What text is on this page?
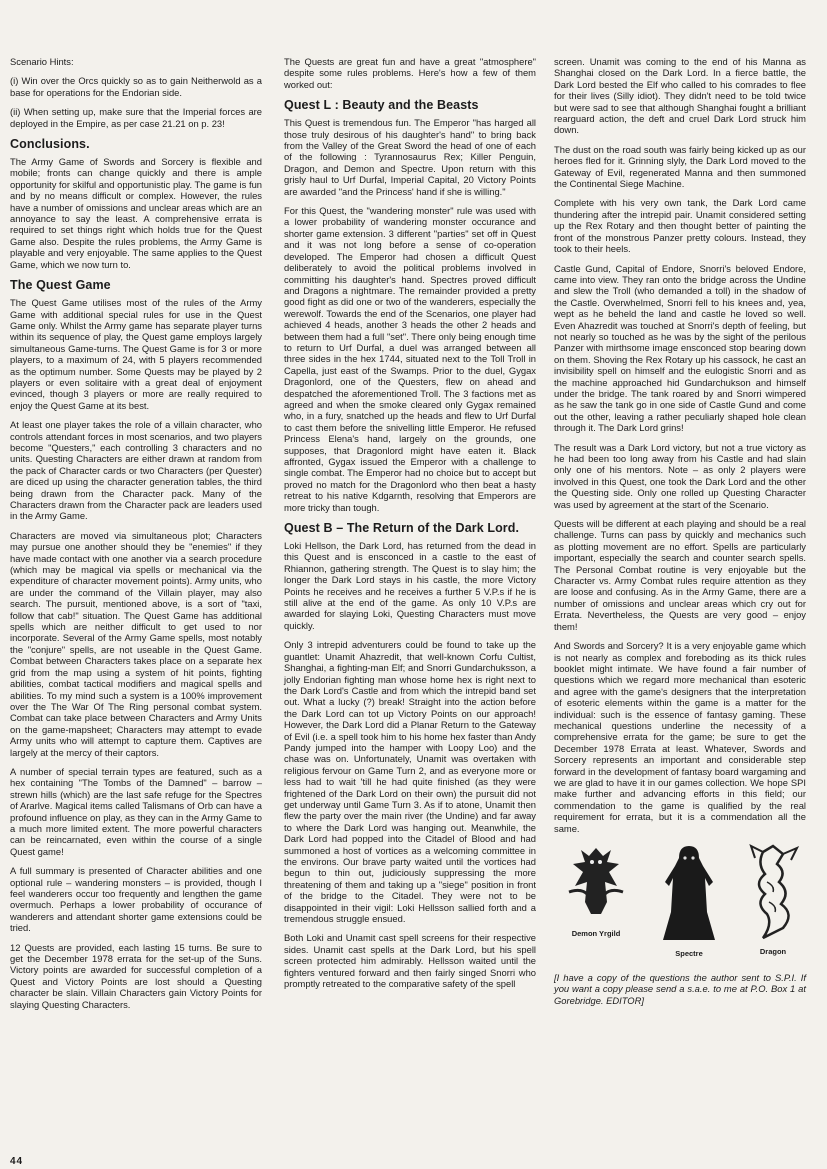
Scenario Hints:

(i) Win over the Orcs quickly so as to gain Neitherwold as a base for operations for the Endorian side.

(ii) When setting up, make sure that the Imperial forces are deployed in the Empire, as per case 21.21 on p. 23!

Conclusions.

The Army Game of Swords and Sorcery is flexible and mobile; fronts can change quickly and there is ample opportunity for skilful and opportunistic play. The game is fun and by no means difficult or complex. However, the rules have a number of omissions and unclear areas which are an annoyance to say the least. A comprehensive errata is required to set things right which holds true for the Quest Game also. Despite the rules problems, the Army Game is playable and very enjoyable. The same applies to the Quest Game, which we now turn to.

The Quest Game

The Quest Game utilises most of the rules of the Army Game with additional special rules for use in the Quest Game only. Whilst the Army game has separate player turns within its sequence of play, the Quest game employs largely simultaneous Game-turns. The Quest Game is for 3 or more players, to a maximum of 24, with 5 players recommended as the optimum number. Some Quests may be played by 2 players or even solitaire with a great deal of enjoyment evinced, though 3 players or more are really required to enjoy the Quest Game at its best.

At least one player takes the role of a villain character, who controls attendant forces in most scenarios, and two players become "Questers," each controlling 3 characters and no units. Questing Characters are either drawn at random from the pack of Character cards or two Characters (per Quester) are diced up using the character generation tables, the third being drawn from the Character pack. Many of the Characters drawn from the Character pack are leaders used in the Army Game.

Characters are moved via simultaneous plot; Characters may pursue one another should they be "enemies" if they have made contact with one another via a search procedure (which may be magical via spells or mechanical via the expenditure of character movement points). Army units, who are under the command of the Villain player, may also search. The pursuit, mentioned above, is a sort of "taxi, follow that cab!" situation. The Quest Game has additional spells which are neither difficult to get used to nor incorporate. Several of the Army Game spells, most notably the "conjure" spells, are not useable in the Quest Game. Combat between Characters takes place on a separate hex grid from the map using a system of hit points, fighting abilities, combat tactical modifiers and magical spells and abilities. To my mind such a system is a 100% improvement over the The War Of The Ring personal combat system. Combat can take place between Characters and Army Units on the game-mapsheet; Characters may attempt to evade Army units who will attempt to capture them. Captives are largely at the mercy of their captors.

A number of special terrain types are featured, such as a hex containing "The Tombs of the Damned" – barrow – strewn hills (which) are the last safe refuge for the Spectres of Ararlve. Magical items called Talismans of Orb can have a profound influence on play, as they can in the Army Game to a much more limited extent. The more powerful characters can be reincarnated, even within the course of a single Quest game!

A full summary is presented of Character abilities and one optional rule – wandering monsters – is provided, though I feel wanderers occur too frequently and lengthen the game overmuch. Perhaps a lower probability of occurance of wanderers and attendant shorter game extensions could be tried.

12 Quests are provided, each lasting 15 turns. Be sure to get the December 1978 errata for the set-up of the Suns. Victory points are awarded for successful completion of a Quest and Victory Points are lost should a Questing character be slain. Villain Characters gain Victory Points for slaying Questing Characters.

The Quests are great fun and have a great "atmosphere" despite some rules problems. Here's how a few of them worked out:

Quest L : Beauty and the Beasts

This Quest is tremendous fun. The Emperor "has harged all those truly desirous of his daughter's hand" to bring back from the Valley of the Great Sword the head of one of each of the following : Tyrannosaurus Rex; Killer Penguin, Dragon, and Demon and Spectre. Upon return with this grisly haul to Urf Durfal, Imperial Capital, 20 Victory Points are awarded "and the Princess' hand if she is willing."

For this Quest, the "wandering monster" rule was used with a lower probability of wandering monster occurance and shorter game extension. 3 different "parties" set off in Quest and it was not long before a sense of co-operation developed. The Emperor had chosen a difficult Quest deliberately to avoid the political problems involved in committing his daughter's hand. Spectres proved difficult and Dragons a nightmare. The remainder provided a pretty good fight as did one or two of the wanderers, especially the werewolf. Towards the end of the Scenarios, one player had achieved 4 heads, another 3 heads the other 2 heads and between them had a full "set". There only being enough time to return to Urf Durfal, a duel was arranged between all three sides in the hex 1744, situated next to the Toll Troll in Capella, just east of the Swamps. Prior to the duel, Gygax Dragonlord, one of the Questers, flew on ahead and despatched the aforementioned Troll. The 3 factions met as agreed and when the smoke cleared only Gygax remained who, in a fury, snatched up the heads and flew to Urf Durfal to cast them before the snivelling little Emperor. He refused Princess Elena's hand, largely on the grounds, one supposes, that Dragonlord might have eaten it. Black affronted, Gygax issued the Emperor with a challenge to single combat. The Emperor had no choice but to accept but proved no match for the Dragonlord who then beat a hasty retreat to his native Kdgarnth, resolving that Emperors are more tricky than tough.

Quest B – The Return of the Dark Lord.

Loki Hellson, the Dark Lord, has returned from the dead in this Quest and is ensconced in a castle to the east of Rhiannon, gathering strength. The Quest is to slay him; the longer the Dark Lord stays in his castle, the more Victory Points he receives and he receives a further 5 V.P.s if he is still alive at the end of the game. As only 10 V.P.s are awarded for slaying Loki, Questing Characters must move quickly.

Only 3 intrepid adventurers could be found to take up the guantlet: Unamit Ahazredit, that well-known Corfu Cultist, Shanghai, a fighting-man Elf; and Snorri Gundarchuksson, a jolly Endorian fighting man whose home hex is right next to the Dark Lord's Castle and from which the intrepid band set out. What a lucky (?) break! Straight into the action before the Dark Lord can tot up Victory Points on our approach! However, the Dark Lord did a Planar Return to the Gateway of Evil (i.e. a spell took him to his home hex faster than Andy Pandy jumped into the hamper with Loopy Loo) and the chase was on. Unfortunately, Unamit was overtaken with religious fervour on Game Turn 2, and as everyone more or less had to wait 'till he had quite finished (as they were frightened of the Dark Lord on their own) the pursuit did not get underway until Game Turn 3. As if to atone, Unamit then flew the party over the main river (the Undine) and far away to where the Dark Lord was hanging out. Meanwhile, the Dark Lord had popped into the Citadel of Blood and had summoned a host of vortices as a welcoming committee in the environs. Our brave party waited until the vortices had begun to thin out, judiciously suppressing the more threatening of them and taking up a "siege" position in front of the bridge to the Citadel. They were not to be disappointed in their vigil: Loki Hellsson sallied forth and a tremendous struggle ensued.

Both Loki and Unamit cast spell screens for their respective sides. Unamit cast spells at the Dark Lord, but his spell screen protected him admirably. Hellsson waited until the fighters ventured forward and then fairly singed Snorri who promptly retreated to the comparative safety of the spell

screen. Unamit was coming to the end of his Manna as Shanghai closed on the Dark Lord. In a fierce battle, the Dark Lord bested the Elf who called to his comrades to flee for their lives (Silly idiot). They didn't need to be told twice but were sad to see that although Shanghai fought a brilliant rearguard action, the deft and cruel Dark Lord struck him down.

The dust on the road south was fairly being kicked up as our heroes fled for it. Grinning slyly, the Dark Lord moved to the Gateway of Evil, regenerated Manna and then summoned the Continental Siege Machine.

Complete with his very own tank, the Dark Lord came thundering after the intrepid pair. Unamit considered setting up the Rex Rotary and then thought better of painting the front of the monstrous Panzer pretty colours. Instead, they took to their heels.

Castle Gund, Capital of Endore, Snorri's beloved Endore, came into view. They ran onto the bridge across the Undine and slew the Troll (who demanded a toll) in the shadow of the Castle. Overwhelmed, Snorri fell to his knees and, yea, wept as he beheld the land and castle he loved so well. Even Ahazredit was touched at Snorri's depth of feeling, but not nearly so touched as he was by the sight of the perilous Panzer with mirthsome image ensconced stop bearing down on them. Shoving the Rex Rotary up his cassock, he cast an invisibility spell on himself and the eulogistic Snorri and as the machine approached hid Gundarchukson and himself under the bridge. The tank roared by and Snorri wimpered as he saw the tank go in one side of Castle Gund and come out the other, leaving a rather peculiarly shaped hole clean through it. The Dark Lord grins!

The result was a Dark Lord victory, but not a true victory as he had been too long away from his Castle and had slain only one of his mentors. Note – as only 2 players were involved in this Quest, one took the Dark Lord and the other the Questing side. Only one rolled up Questing Character was used by agreement at the start of the Scenario.

Quests will be different at each playing and should be a real challenge. Turns can pass by quickly and mechanics such as plotting movement are no effort. Spells are particularly important, especially the search and counter search spells. The Personal Combat routine is very enjoyable but the Character vs. Army Combat rules require attention as they are loose and confusing. As in the Army Game, there are a number of omissions and unclear areas which cry out for Errata. Nevertheless, the Quests are very good – enjoy them!

And Swords and Sorcery? It is a very enjoyable game which is not nearly as complex and foreboding as its thick rules booklet might intimate. We have found a fair number of questions which we regard more mechanical than esoteric and agree with the game's designers that the interpretation of esoteric elements within the game is a matter for the individual: such is the essence of fantasy gaming. These mechanical questions underline the necessity of a comprehensive errata for the game; be sure to get the December 1978 Errata at least. Whatever, Swords and Sorcery represents an important and considerable step forward in the development of fantasy board wargaming and we are glad to have it in our games collection. We hope SPI make further and advancing efforts in this field; our commendation to the game is qualified by the real requirement for errata, but it is a commendation all the same.

Demon Yrgild
Spectre	Dragon

[I have a copy of the questions the author sent to S.P.I. If you want a copy please send a s.a.e. to me at P.O. Box 1 at Gorebridge. EDITOR]

44
